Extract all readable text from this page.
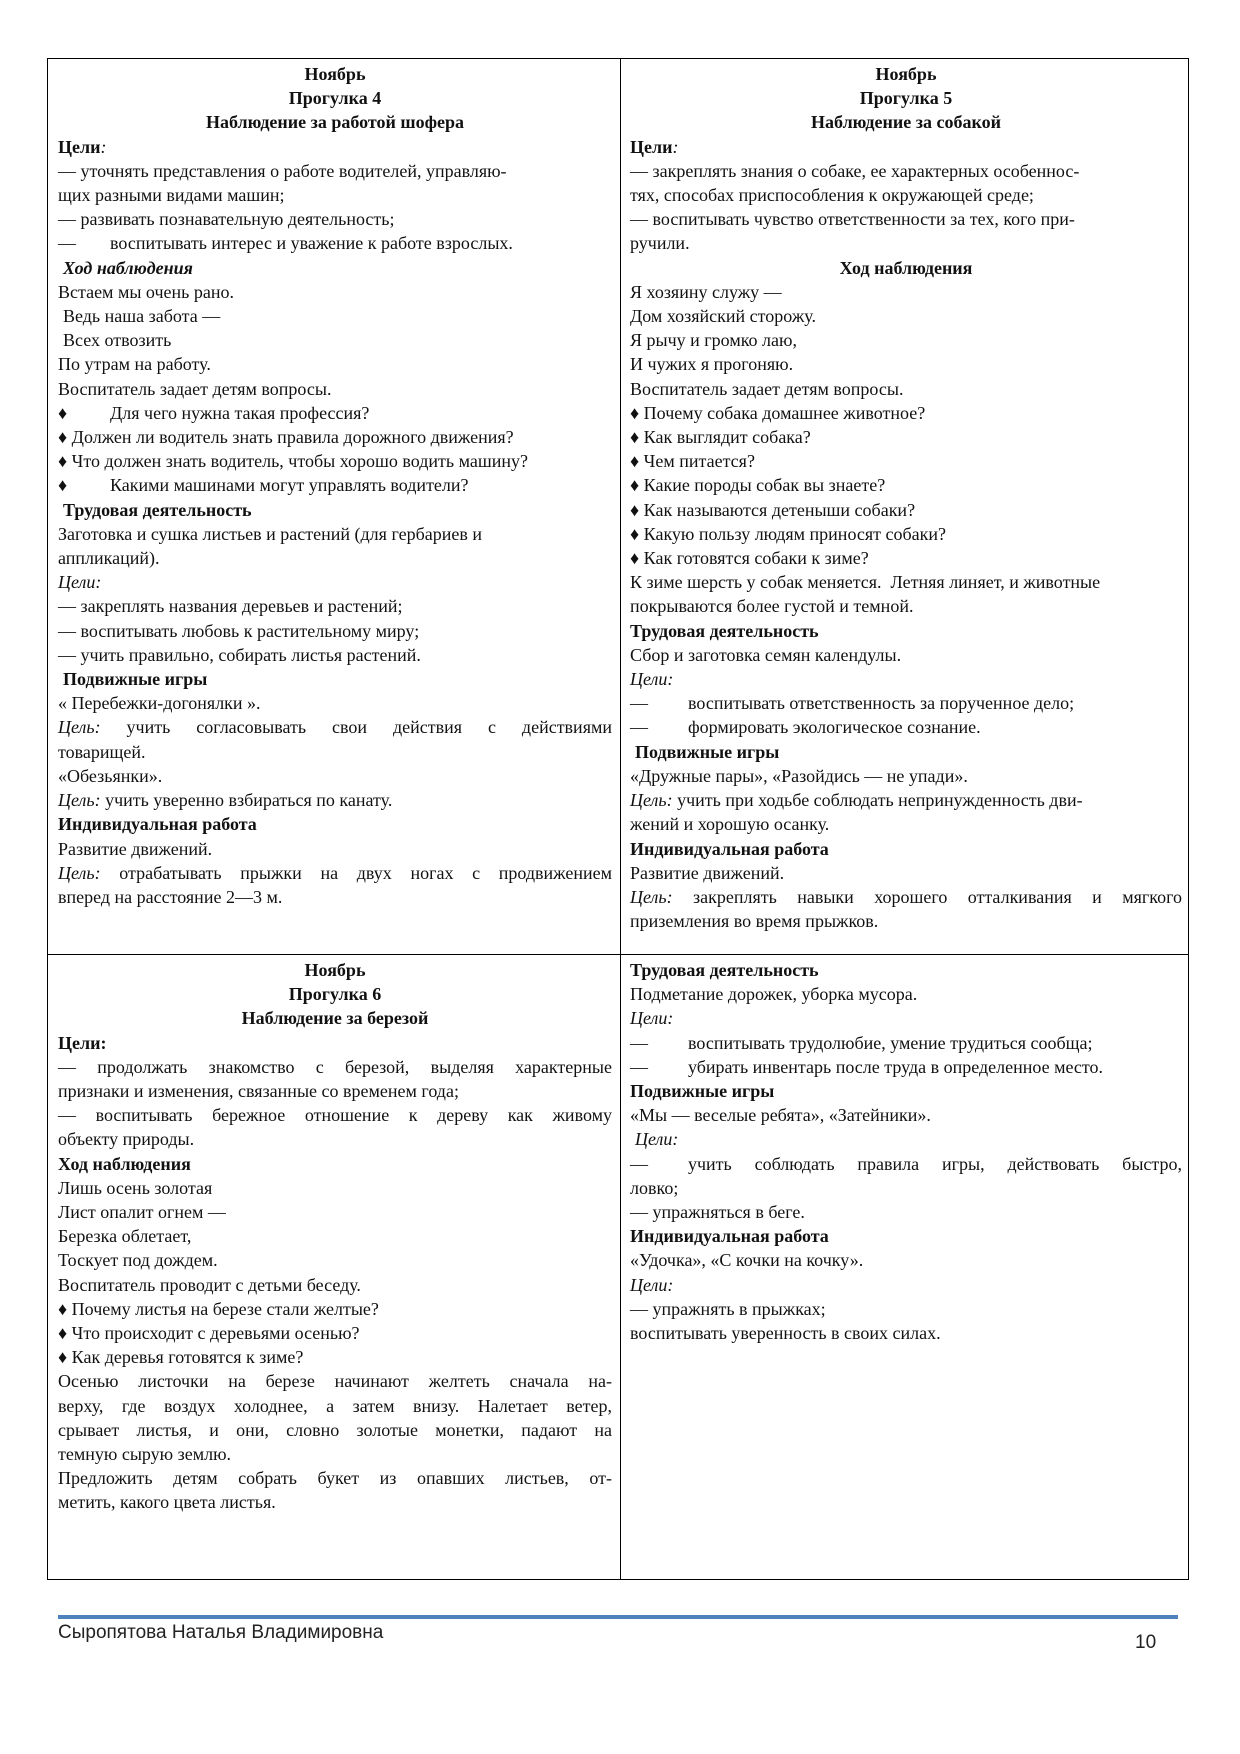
Ноябрь

Прогулка 4

Наблюдение за работой шофера

Цели:

— уточнять представления о работе водителей, управляю-

щих разными видами машин;

— развивать познавательную деятельность;

— воспитывать интерес и уважение к работе взрослых.

Ход наблюдения

Встаем мы очень рано.

Ведь наша забота —

Всех отвозить

По утрам на работу.

Воспитатель задает детям вопросы.

♦ Для чего нужна такая профессия?

♦ Должен ли водитель знать правила дорожного движения?

♦ Что должен знать водитель, чтобы хорошо водить машину?

♦ Какими машинами могут управлять водители?

Трудовая деятельность

Заготовка и сушка листьев и растений (для гербариев и

аппликаций).

Цели:

— закреплять названия деревьев и растений;

— воспитывать любовь к растительному миру;

— учить правильно, собирать листья растений.

Подвижные игры

« Перебежки-догонялки ».

Цель: учить согласовывать свои действия с действиями

товарищей.

«Обезьянки».

Цель: учить уверенно взбираться по канату.

Индивидуальная работа

Развитие движений.

Цель: отрабатывать прыжки на двух ногах с продвижением

вперед на расстояние 2—3 м.

Ноябрь

Прогулка 5

Наблюдение за собакой

Цели:

— закреплять знания о собаке, ее характерных особеннос-

тях, способах приспособления к окружающей среде;

— воспитывать чувство ответственности за тех, кого при-

ручили.

Ход наблюдения

Я хозяину служу —

Дом хозяйский сторожу.

Я рычу и громко лаю,

И чужих я прогоняю.

Воспитатель задает детям вопросы.

♦ Почему собака домашнее животное?

♦ Как выглядит собака?

♦ Чем питается?

♦ Какие породы собак вы знаете?

♦ Как называются детеныши собаки?

♦ Какую пользу людям приносят собаки?

♦ Как готовятся собаки к зиме?

К зиме шерсть у собак меняется.  Летняя линяет, и животные

покрываются более густой и темной.

Трудовая деятельность

Сбор и заготовка семян календулы.

Цели:

— воспитывать ответственность за порученное дело;

— формировать экологическое сознание.

Подвижные игры

«Дружные пары», «Разойдись — не упади».

Цель: учить при ходьбе соблюдать непринужденность дви-

жений и хорошую осанку.

Индивидуальная работа

Развитие движений.

Цель: закреплять навыки хорошего отталкивания и мягкого

приземления во время прыжков.

Ноябрь

Прогулка 6

Наблюдение за березой

Цели:

— продолжать знакомство с березой, выделяя характерные

признаки и изменения, связанные со временем года;

— воспитывать бережное отношение к дереву как живому

объекту природы.

Ход наблюдения

Лишь осень золотая

Лист опалит огнем —

Березка облетает,

Тоскует под дождем.

Воспитатель проводит с детьми беседу.

♦ Почему листья на березе стали желтые?

♦ Что происходит с деревьями осенью?

♦ Как деревья готовятся к зиме?

Осенью листочки на березе начинают желтеть сначала на-

верху, где воздух холоднее, а затем внизу. Налетает ветер,

срывает листья, и они, словно золотые монетки, падают на

темную сырую землю.

Предложить детям собрать букет из опавших листьев, от-

метить, какого цвета листья.

Трудовая деятельность

Подметание дорожек, уборка мусора.

Цели:

— воспитывать трудолюбие, умение трудиться сообща;

— убирать инвентарь после труда в определенное место.

Подвижные игры

«Мы — веселые ребята», «Затейники».

Цели:

— учить соблюдать правила игры, действовать быстро,

ловко;

— упражняться в беге.

Индивидуальная работа

«Удочка», «С кочки на кочку».

Цели:

— упражнять в прыжках;

воспитывать уверенность в своих силах.

Сыропятова Наталья Владимировна	10
